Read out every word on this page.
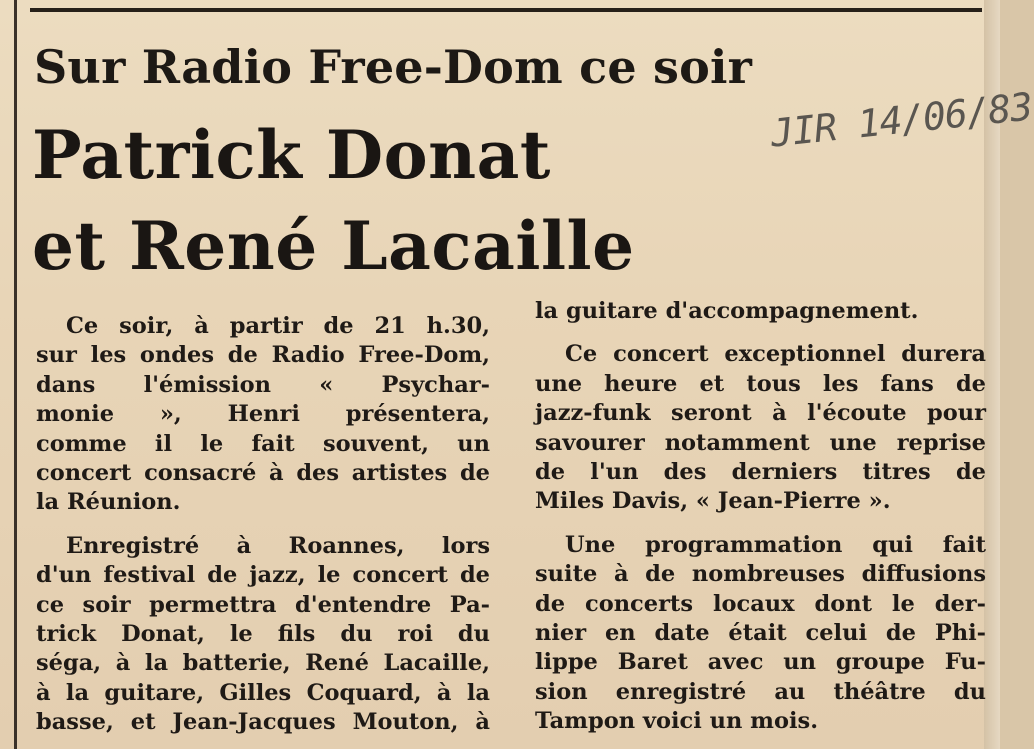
Sur Radio Free-Dom ce soir
Patrick Donat
et René Lacaille
JIR 14/06/83
Ce soir, à partir de 21 h.30,
sur les ondes de Radio Free-Dom,
dans l'émission « Psychar-
monie », Henri présentera,
comme il le fait souvent, un
concert consacré à des artistes de
la Réunion.
Enregistré à Roannes, lors
d'un festival de jazz, le concert de
ce soir permettra d'entendre Pa-
trick Donat, le fils du roi du
séga, à la batterie, René Lacaille,
à la guitare, Gilles Coquard, à la
basse, et Jean-Jacques Mouton, à
la guitare d'accompagnement.
Ce concert exceptionnel durera
une heure et tous les fans de
jazz-funk seront à l'écoute pour
savourer notamment une reprise
de l'un des derniers titres de
Miles Davis, « Jean-Pierre ».
Une programmation qui fait
suite à de nombreuses diffusions
de concerts locaux dont le der-
nier en date était celui de Phi-
lippe Baret avec un groupe Fu-
sion enregistré au théâtre du
Tampon voici un mois.
